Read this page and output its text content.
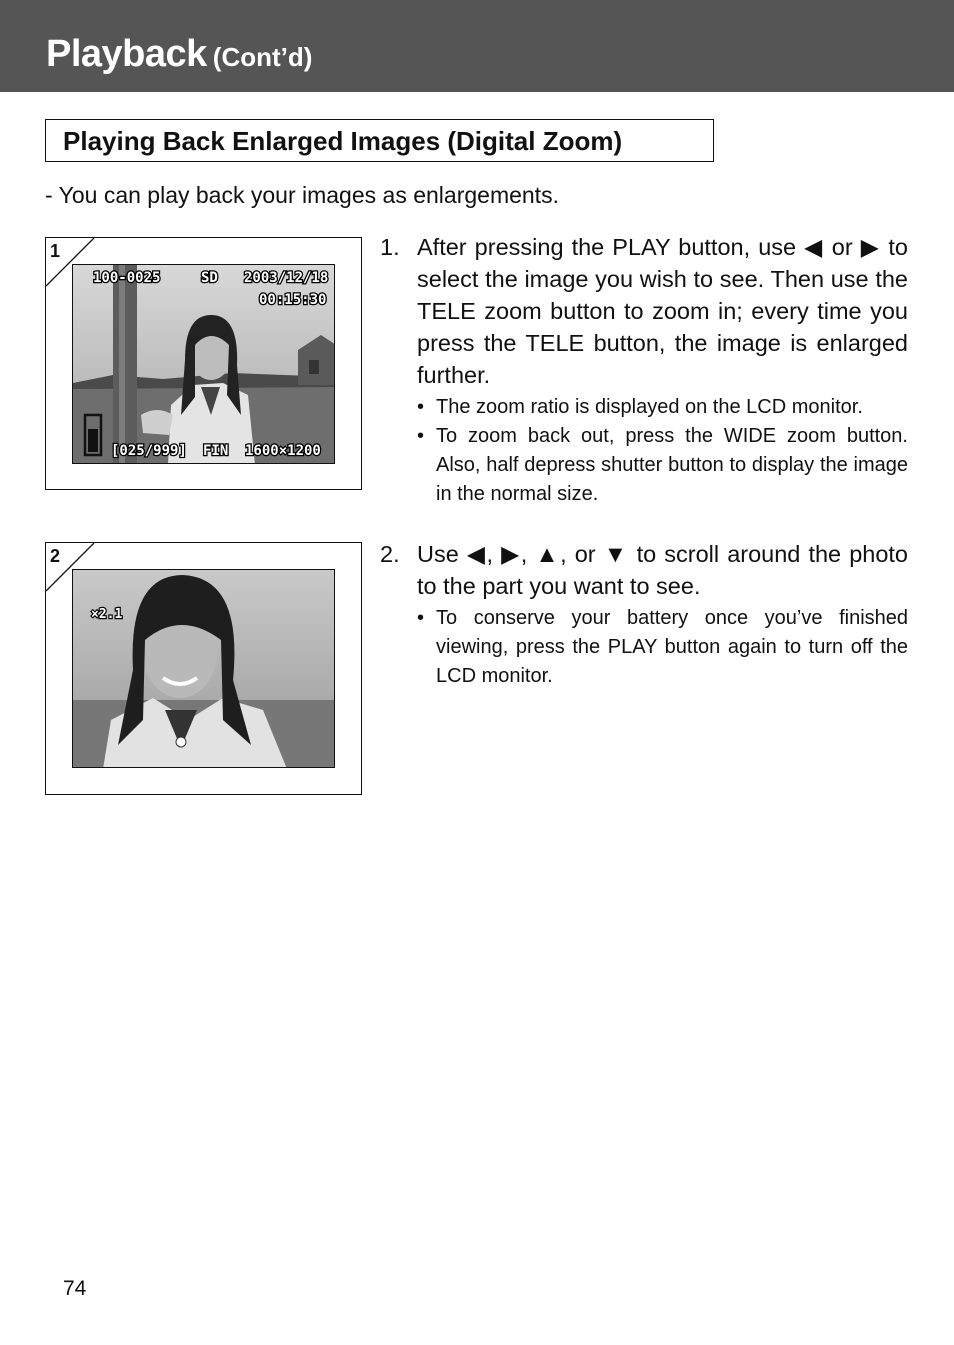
Playback (Cont’d)
Playing Back Enlarged Images (Digital Zoom)
- You can play back your images as enlargements.
1
100-0025	SD 2003/12/18
00:15:30
[025/999] FIN 1600×1200
2
×2.1
1. After pressing the PLAY button, use ◀ or ▶ to select the image you wish to see. Then use the TELE zoom button to zoom in; every time you press the TELE button, the image is enlarged further.
• The zoom ratio is displayed on the LCD monitor.
• To zoom back out, press the WIDE zoom button. Also, half depress shutter button to display the image in the normal size.
2. Use ◀, ▶, ▲, or ▼ to scroll around the photo to the part you want to see.
• To conserve your battery once you’ve finished viewing, press the PLAY button again to turn off the LCD monitor.
74
